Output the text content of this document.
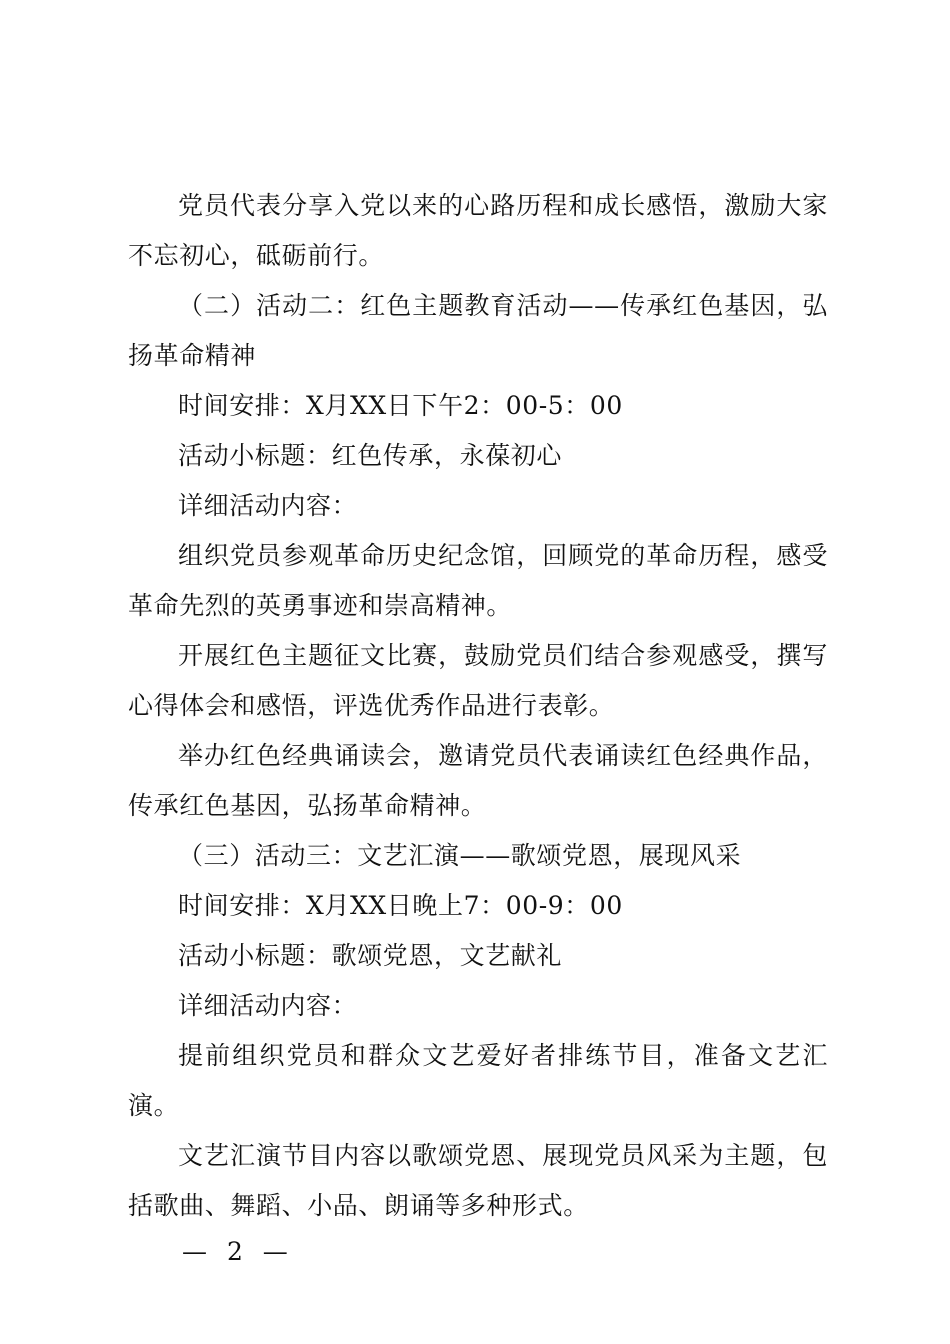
党员代表分享入党以来的心路历程和成长感悟，激励大家不忘初心，砥砺前行。

（二）活动二：红色主题教育活动——传承红色基因，弘扬革命精神

时间安排：X月XX日下午2：00-5：00

活动小标题：红色传承，永葆初心

详细活动内容：

组织党员参观革命历史纪念馆，回顾党的革命历程，感受革命先烈的英勇事迹和崇高精神。

开展红色主题征文比赛，鼓励党员们结合参观感受，撰写心得体会和感悟，评选优秀作品进行表彰。

举办红色经典诵读会，邀请党员代表诵读红色经典作品，传承红色基因，弘扬革命精神。

（三）活动三：文艺汇演——歌颂党恩，展现风采

时间安排：X月XX日晚上7：00-9：00

活动小标题：歌颂党恩，文艺献礼

详细活动内容：

提前组织党员和群众文艺爱好者排练节目，准备文艺汇演。

文艺汇演节目内容以歌颂党恩、展现党员风采为主题，包括歌曲、舞蹈、小品、朗诵等多种形式。

— 2 —
